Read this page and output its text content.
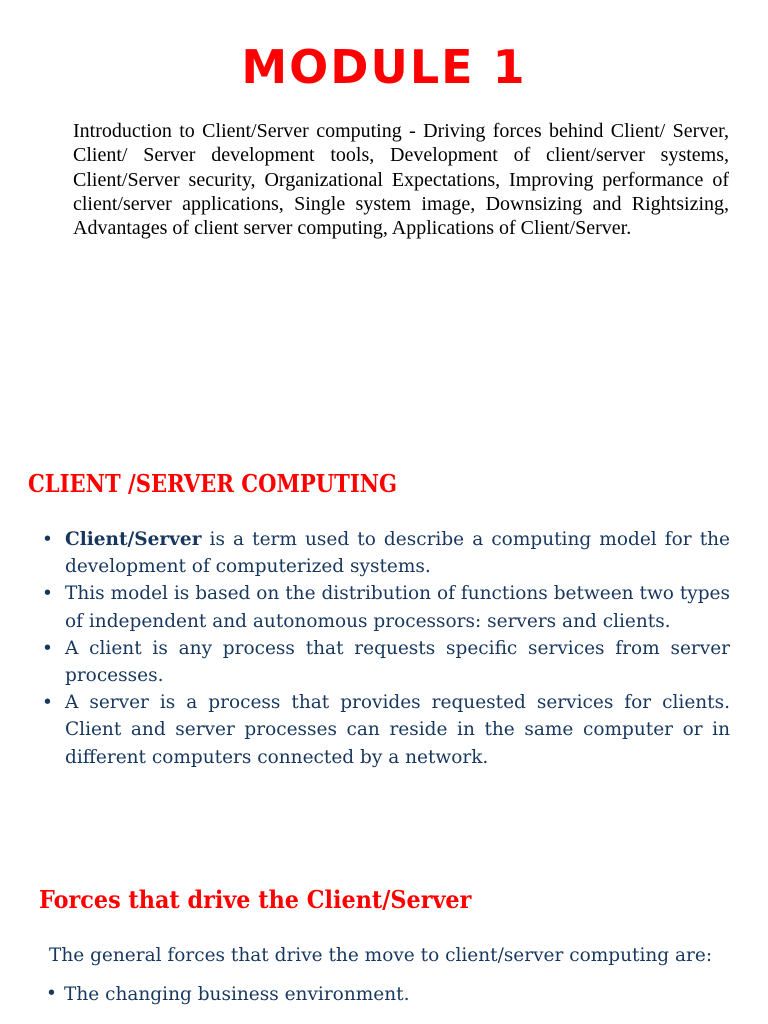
MODULE 1

Introduction to Client/Server computing - Driving forces behind Client/ Server, Client/ Server development tools, Development of client/server systems, Client/Server security, Organizational Expectations, Improving performance of client/server applications, Single system image, Downsizing and Rightsizing, Advantages of client server computing, Applications of Client/Server.

CLIENT /SERVER COMPUTING
• Client/Server is a term used to describe a computing model for the development of computerized systems.
• This model is based on the distribution of functions between two types of independent and autonomous processors: servers and clients.
• A client is any process that requests specific services from server processes.
• A server is a process that provides requested services for clients. Client and server processes can reside in the same computer or in different computers connected by a network.
Forces that drive the Client/Server

The general forces that drive the move to client/server computing are:

• The changing business environment.
